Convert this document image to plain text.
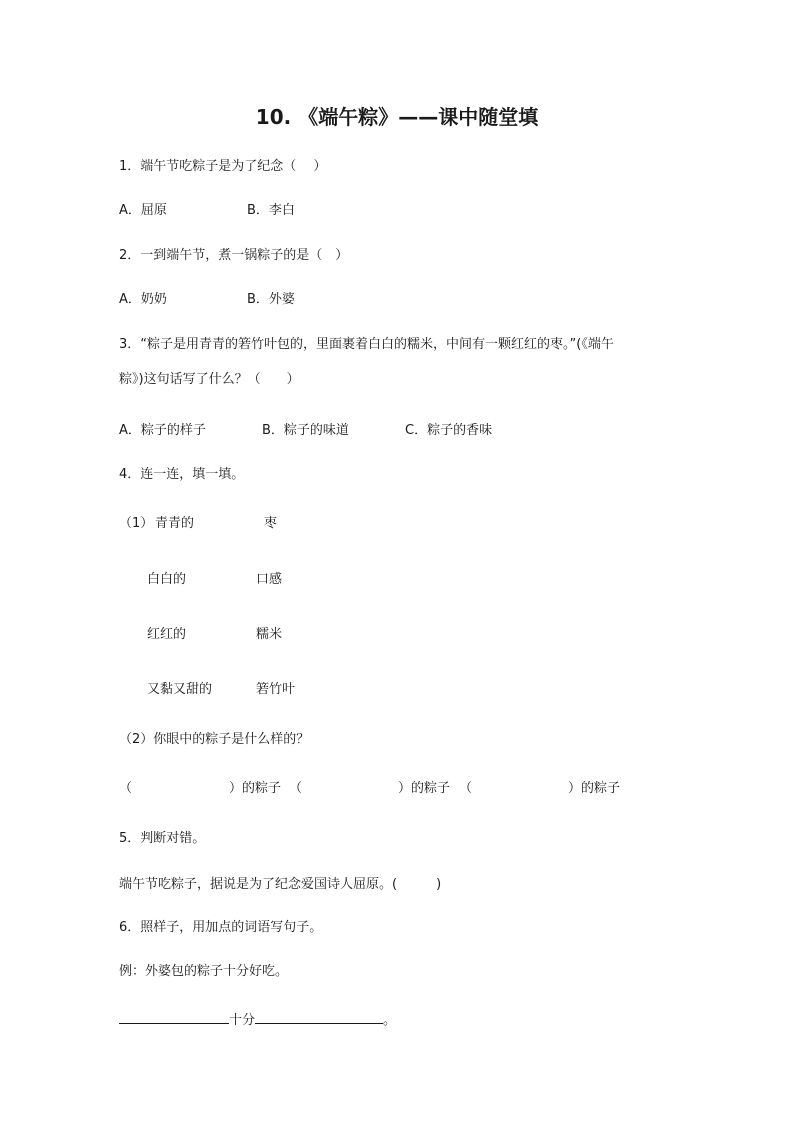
10. 《端午粽》——课中随堂填
1．端午节吃粽子是为了纪念（　 ）
A．屈原	B．李白
2．一到端午节，煮一锅粽子的是（　）
A．奶奶	B．外婆
3．“粽子是用青青的箬竹叶包的，里面裹着白白的糯米，中间有一颗红红的枣。”(《端午
粽》)这句话写了什么？（　　）
A．粽子的样子	B．粽子的味道	C．粽子的香味
4．连一连，填一填。
（1） 青青的
白白的
红红的
又黏又甜的
枣
口感
糯米
箬竹叶
（2）你眼中的粽子是什么样的？
（	）的粽子 （	）的粽子 （	）的粽子
5．判断对错。
端午节吃粽子，据说是为了纪念爱国诗人屈原。(　　　)
6．照样子，用加点的词语写句子。
例：外婆包的粽子十分好吃。
十分	。
